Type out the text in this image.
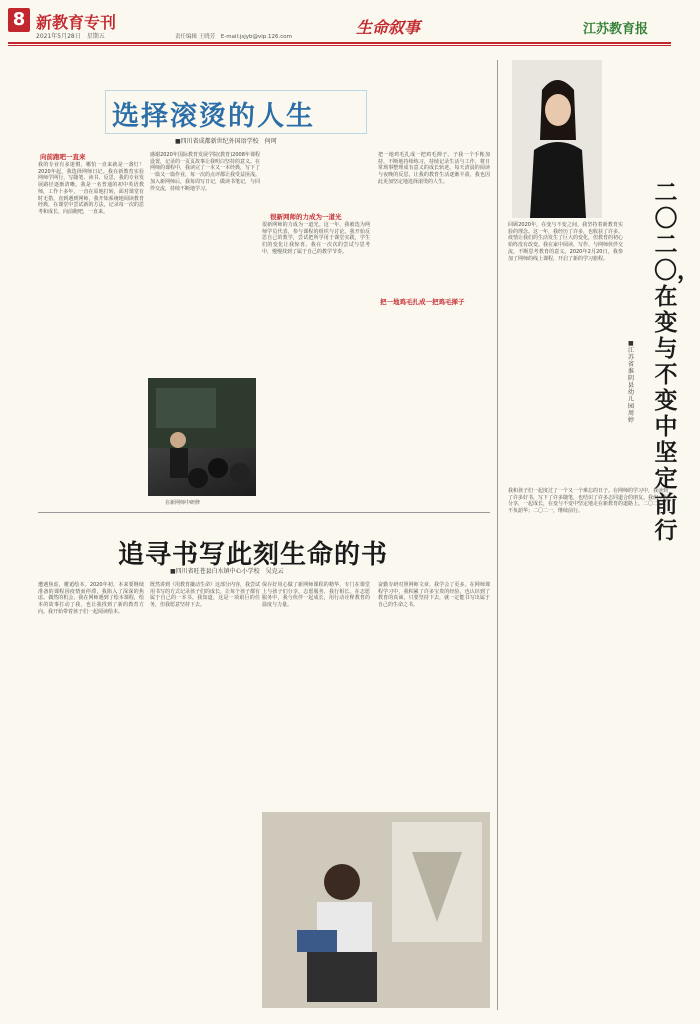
8 新教育专刊
2021年5月28日　星期五	责任编辑 王晓芳　E-mail:jsjyb@vip.126.com	生命叙事	江苏教育报
选择滚烫的人生
■四川省成都新世纪外国语学校　何珂
向前跑吧一直来
我的专业有多迷惘，哪怕一直来就是一盏灯！2020年起，我选择网师日记。我在新教育实验网师学网行，写随笔、读书、反思，我的专业发展路径逐渐清晰。我是一名普通的初中英语教师，工作十多年，一直在原地打转，面对课堂有时无措。直到遇到网师，我开始系统地阅读教育经典，在课堂中尝试新的方法，记录每一次的思考和成长，向前跑吧，一直来。
感谢2020年国际教育发展学院(教育)2008年课程设置，记录的一页页故事让我明白坚持的意义。在网师的课程中，我读完了一本又一本经典，写下了一篇又一篇作业，每一次的点评都让我受益匪浅。加入新网师后，我每周写日记，做读书笔记，与同伴交流，持续不断地学习。
很新网师的力成为一道光
很新网师的力成为一道光。这一年，我被选为网师学员代表，参与课程的组织与讨论。我开始反思自己的教学，尝试把所学用于课堂实践，学生们的变化让我惊喜。我在一次次的尝试与思考中，慢慢找到了属于自己的教学节奏。
把一地鸡毛扎成一把鸡毛掸子
把一地鸡毛扎成一把鸡毛掸子。子我一个手帐加持，不断地持续练习，持续记录生活与工作，将日常琐事整理成有意义的成长轨迹。每天清晨的阅读与夜晚的反思，让我的教育生活逐渐丰盈，我也因此更加坚定地选择滚烫的人生。
在新网师中研修
追寻书写此刻生命的书
■四川省旺苍县白水镇中心小学校　吴克云
遭遇焦虑，邂逅绘本。2020年初，本来要继续准备的课程因疫情而停滞，我陷入了深深的焦虑。偶然的机会，我在网师遇到了绘本课程，绘本的故事打动了我，也让我找到了新的教育方向。我开始带着孩子们一起阅读绘本。
既然讲到《用教育撬动生命》这部分内容，我尝试用书写的方式记录孩子们的成长，让每个孩子都有属于自己的一本书。我知道，这是一项艰巨的任务，但我愿意坚持下去。
保存好用心做了新网师课程的精华，专门在课堂上与孩子们分享。志愿服务，我行相长。在志愿服务中，我与伙伴一起成长，用行动诠释教育的温度与力量。
奋勤专研对照网师文章，我学会了更多。在网师课程学习中，我积累了许多宝贵的经验，也认识到了教育的真谛。只要坚持下去，就一定能书写出属于自己的生命之书。
二〇二〇，在变与不变中坚定前行
■江苏省淮阴县幼儿园　周婷
回顾2020年，在变与不变之间，我坚持着新教育实验的理念。这一年，我经历了许多，也收获了许多。疫情让我们的生活发生了巨大的变化，但教育的初心始终没有改变。我在家中阅读、写作、与网师伙伴交流，不断思考教育的意义。2020年2月20日，我参加了网师的线上课程，开启了新的学习旅程。
我和孩子们一起度过了一个又一个难忘的日子。在网师的学习中，我读到了许多好书，写下了许多随笔，也结识了许多志同道合的朋友。我们一起分享，一起成长，在变与不变中坚定地走在新教育的道路上。二〇二〇，不负韶华；二〇二一，继续前行。
